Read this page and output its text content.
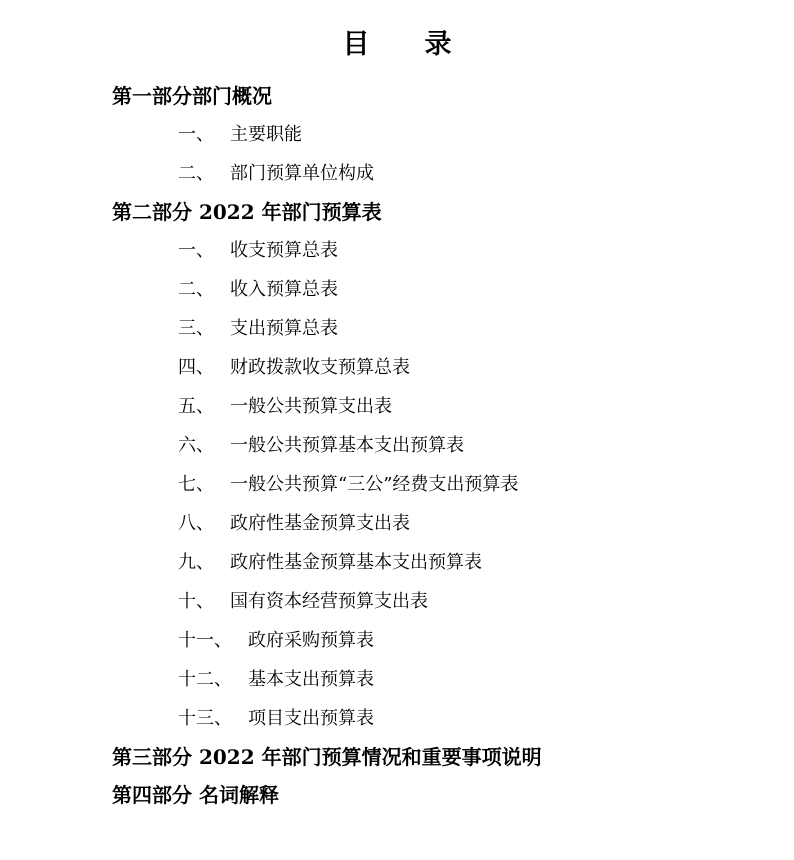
目　录
第一部分部门概况
一、 主要职能
二、 部门预算单位构成
第二部分 2022 年部门预算表
一、 收支预算总表
二、 收入预算总表
三、 支出预算总表
四、 财政拨款收支预算总表
五、 一般公共预算支出表
六、 一般公共预算基本支出预算表
七、 一般公共预算“三公”经费支出预算表
八、 政府性基金预算支出表
九、 政府性基金预算基本支出预算表
十、 国有资本经营预算支出表
十一、 政府采购预算表
十二、 基本支出预算表
十三、 项目支出预算表
第三部分 2022 年部门预算情况和重要事项说明
第四部分 名词解释
